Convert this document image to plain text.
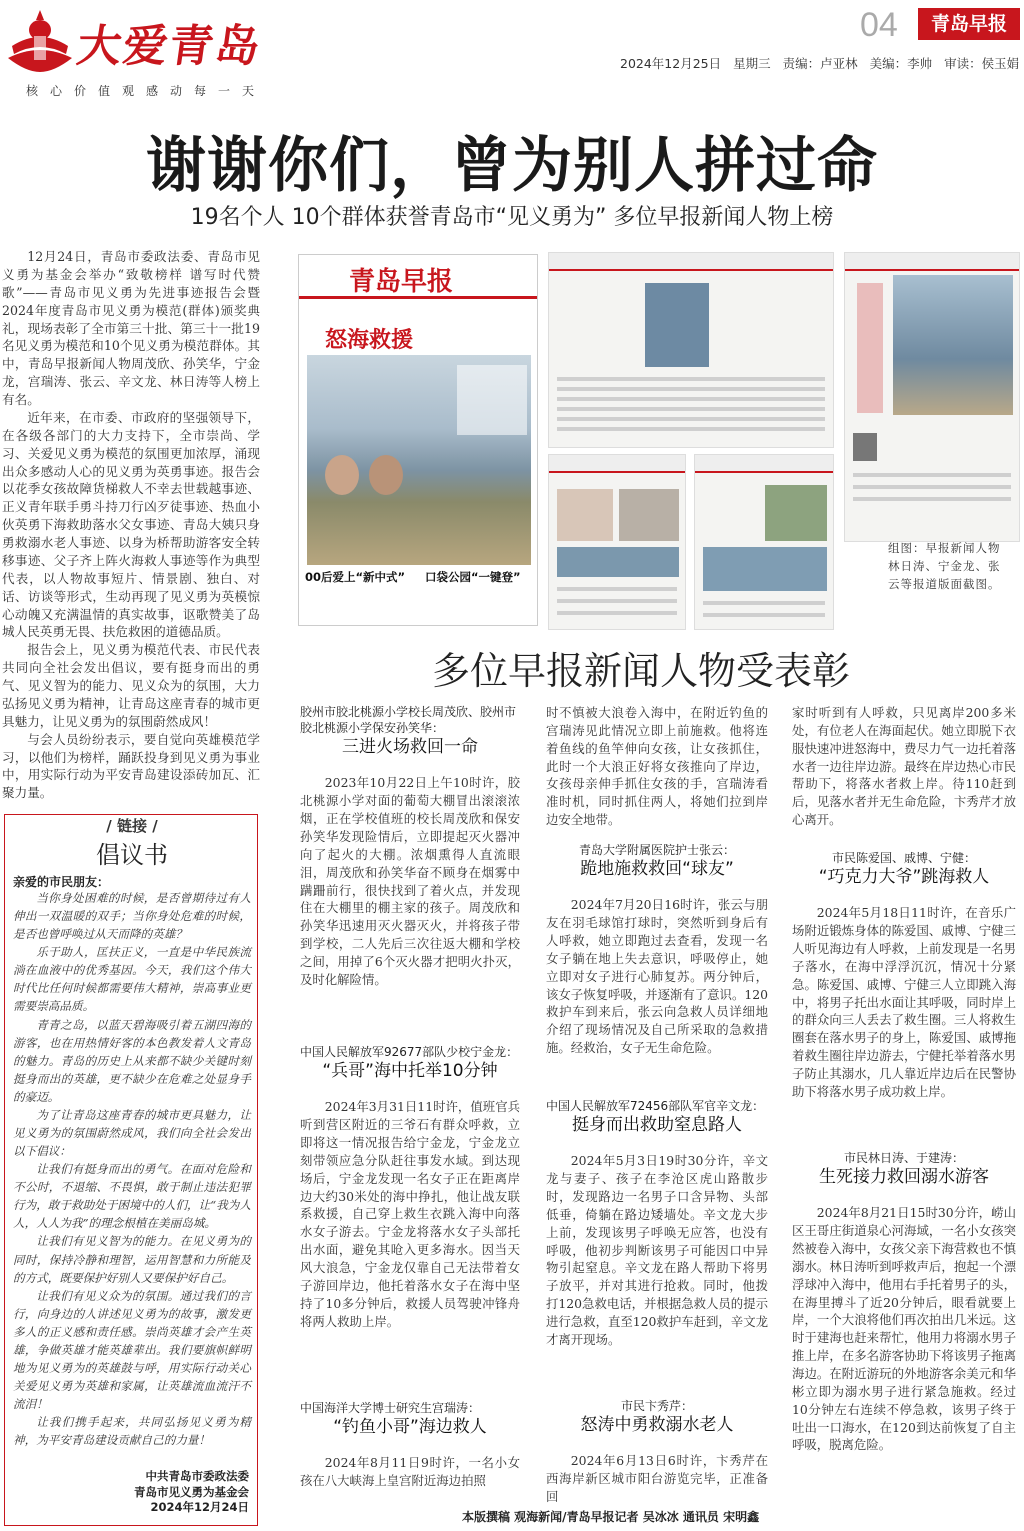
大爱青岛
核心价值观感动每一天
04	青岛早报
2024年12月25日 星期三 责编：卢亚林 美编：李帅 审读：侯玉娟
谢谢你们，曾为别人拼过命
19名个人 10个群体获誉青岛市“见义勇为” 多位早报新闻人物上榜

12月24日，青岛市委政法委、青岛市见义勇为基金会举办“致敬榜样 谱写时代赞歌”——青岛市见义勇为先进事迹报告会暨2024年度青岛市见义勇为模范(群体)颁奖典礼，现场表彰了全市第三十批、第三十一批19名见义勇为模范和10个见义勇为模范群体。其中，青岛早报新闻人物周茂欣、孙笑华，宁金龙，宫瑞涛、张云、辛文龙、林日涛等人榜上有名。

近年来，在市委、市政府的坚强领导下，在各级各部门的大力支持下，全市崇尚、学习、关爱见义勇为模范的氛围更加浓厚，涌现出众多感动人心的见义勇为英勇事迹。报告会以花季女孩故障货梯救人不幸去世载越事迹、正义青年联手勇斗持刀行凶歹徒事迹、热血小伙英勇下海救助落水父女事迹、青岛大姨只身勇救溺水老人事迹、以身为桥帮助游客安全转移事迹、父子齐上阵火海救人事迹等作为典型代表，以人物故事短片、情景剧、独白、对话、访谈等形式，生动再现了见义勇为英模惊心动魄又充满温情的真实故事，讴歌赞美了岛城人民英勇无畏、扶危救困的道德品质。

报告会上，见义勇为模范代表、市民代表共同向全社会发出倡议，要有挺身而出的勇气、见义智为的能力、见义众为的氛围，大力弘扬见义勇为精神，让青岛这座青春的城市更具魅力，让见义勇为的氛围蔚然成风！

与会人员纷纷表示，要自觉向英雄模范学习，以他们为榜样，踊跃投身到见义勇为事业中，用实际行动为平安青岛建设添砖加瓦、汇聚力量。

青岛早报
怒海救援
00后爱上“新中式” 口袋公园“一键登”
组图：早报新闻人物林日涛、宁金龙、张云等报道版面截图。
多位早报新闻人物受表彰
/ 链接 /
倡议书
亲爱的市民朋友：

当你身处困难的时候，是否曾期待过有人伸出一双温暖的双手；当你身处危难的时候，是否也曾呼唤过从天而降的英雄？

乐于助人，匡扶正义，一直是中华民族流淌在血液中的优秀基因。今天，我们这个伟大时代比任何时候都需要伟大精神，崇高事业更需要崇高品质。

青青之岛，以蓝天碧海吸引着五湖四海的游客，也在用热情好客的本色教发着人文青岛的魅力。青岛的历史上从来都不缺少关键时刻挺身而出的英雄，更不缺少在危难之处显身手的豪迈。

为了让青岛这座青春的城市更具魅力，让见义勇为的氛围蔚然成风，我们向全社会发出以下倡议：

让我们有挺身而出的勇气。在面对危险和不公时，不退缩、不畏惧，敢于制止违法犯罪行为，敢于救助处于困境中的人们，让“我为人人，人人为我”的理念根植在美丽岛城。

让我们有见义智为的能力。在见义勇为的同时，保持冷静和理智，运用智慧和力所能及的方式，既要保护好别人又要保护好自己。

让我们有见义众为的氛围。通过我们的言行，向身边的人讲述见义勇为的故事，激发更多人的正义感和责任感。崇尚英雄才会产生英雄，争做英雄才能英雄辈出。我们要旗帜鲜明地为见义勇为的英雄鼓与呼，用实际行动关心关爱见义勇为英雄和家属，让英雄流血流汗不流泪！

让我们携手起来，共同弘扬见义勇为精神，为平安青岛建设贡献自己的力量！

中共青岛市委政法委
青岛市见义勇为基金会
2024年12月24日
胶州市胶北桃源小学校长周茂欣、胶州市胶北桃源小学保安孙笑华：
三进火场救回一命

2023年10月22日上午10时许，胶北桃源小学对面的葡萄大棚冒出滚滚浓烟，正在学校值班的校长周茂欣和保安孙笑华发现险情后，立即提起灭火器冲向了起火的大棚。浓烟熏得人直流眼泪，周茂欣和孙笑华奋不顾身在烟雾中蹒跚前行，很快找到了着火点，并发现住在大棚里的棚主家的孩子。周茂欣和孙笑华迅速用灭火器灭火，并将孩子带到学校，二人先后三次往返大棚和学校之间，用掉了6个灭火器才把明火扑灭，及时化解险情。

中国人民解放军92677部队少校宁金龙：
“兵哥”海中托举10分钟

2024年3月31日11时许，值班官兵听到营区附近的三爷石有群众呼救，立即将这一情况报告给宁金龙，宁金龙立刻带领应急分队赶往事发水域。到达现场后，宁金龙发现一名女子正在距离岸边大约30米处的海中挣扎，他让战友联系救援，自己穿上救生衣跳入海中向落水女子游去。宁金龙将落水女子头部托出水面，避免其呛入更多海水。因当天风大浪急，宁金龙仅靠自己无法带着女子游回岸边，他托着落水女子在海中坚持了10多分钟后，救援人员驾驶冲锋舟将两人救助上岸。

中国海洋大学博士研究生宫瑞涛：
“钓鱼小哥”海边救人

2024年8月11日9时许，一名小女孩在八大峡海上皇宫附近海边拍照

时不慎被大浪卷入海中，在附近钓鱼的宫瑞涛见此情况立即上前施救。他将连着鱼线的鱼竿伸向女孩，让女孩抓住，此时一个大浪正好将女孩推向了岸边，女孩母亲伸手抓住女孩的手，宫瑞涛看准时机，同时抓住两人，将她们拉到岸边安全地带。
青岛大学附属医院护士张云：
跪地施救救回“球友”

2024年7月20日16时许，张云与朋友在羽毛球馆打球时，突然听到身后有人呼救，她立即跑过去查看，发现一名女子躺在地上失去意识，呼吸停止，她立即对女子进行心肺复苏。两分钟后，该女子恢复呼吸，并逐渐有了意识。120救护车到来后，张云向急救人员详细地介绍了现场情况及自己所采取的急救措施。经救治，女子无生命危险。

中国人民解放军72456部队军官辛文龙：
挺身而出救助窒息路人

2024年5月3日19时30分许，辛文龙与妻子、孩子在李沧区虎山路散步时，发现路边一名男子口含异物、头部低垂，倚躺在路边矮墙处。辛文龙大步上前，发现该男子呼唤无应答，也没有呼吸，他初步判断该男子可能因口中异物引起窒息。辛文龙在路人帮助下将男子放平，并对其进行抢救。同时，他拨打120急救电话，并根据急救人员的提示进行急救，直至120救护车赶到，辛文龙才离开现场。

市民卞秀芹：
怒涛中勇救溺水老人

2024年6月13日6时许，卞秀芹在西海岸新区城市阳台游览完毕，正准备回

家时听到有人呼救，只见离岸200多米处，有位老人在海面起伏。她立即脱下衣服快速冲进怒海中，费尽力气一边托着落水者一边往岸边游。最终在岸边热心市民帮助下，将落水者救上岸。待110赶到后，见落水者并无生命危险，卞秀芹才放心离开。
市民陈爱国、戚博、宁健：
“巧克力大爷”跳海救人

2024年5月18日11时许，在音乐广场附近锻炼身体的陈爱国、戚博、宁健三人听见海边有人呼救，上前发现是一名男子落水，在海中浮浮沉沉，情况十分紧急。陈爱国、戚博、宁健三人立即跳入海中，将男子托出水面让其呼吸，同时岸上的群众向三人丢去了救生圈。三人将救生圈套在落水男子的身上，陈爱国、戚博拖着救生圈往岸边游去，宁健托举着落水男子防止其溺水，几人靠近岸边后在民警协助下将落水男子成功救上岸。

市民林日涛、于建涛：
生死接力救回溺水游客

2024年8月21日15时30分许，崂山区王哥庄街道泉心河海域，一名小女孩突然被卷入海中，女孩父亲下海营救也不慎溺水。林日涛听到呼救声后，抱起一个漂浮球冲入海中，他用右手托着男子的头，在海里搏斗了近20分钟后，眼看就要上岸，一个大浪将他们再次拍出几米远。这时于建海也赶来帮忙，他用力将溺水男子推上岸，在多名游客协助下将该男子拖离海边。在附近游玩的外地游客余美元和华彬立即为溺水男子进行紧急施救。经过10分钟左右连续不停急救，该男子终于吐出一口海水，在120到达前恢复了自主呼吸，脱离危险。

本版撰稿 观海新闻/青岛早报记者 吴冰冰 通讯员 宋明鑫
